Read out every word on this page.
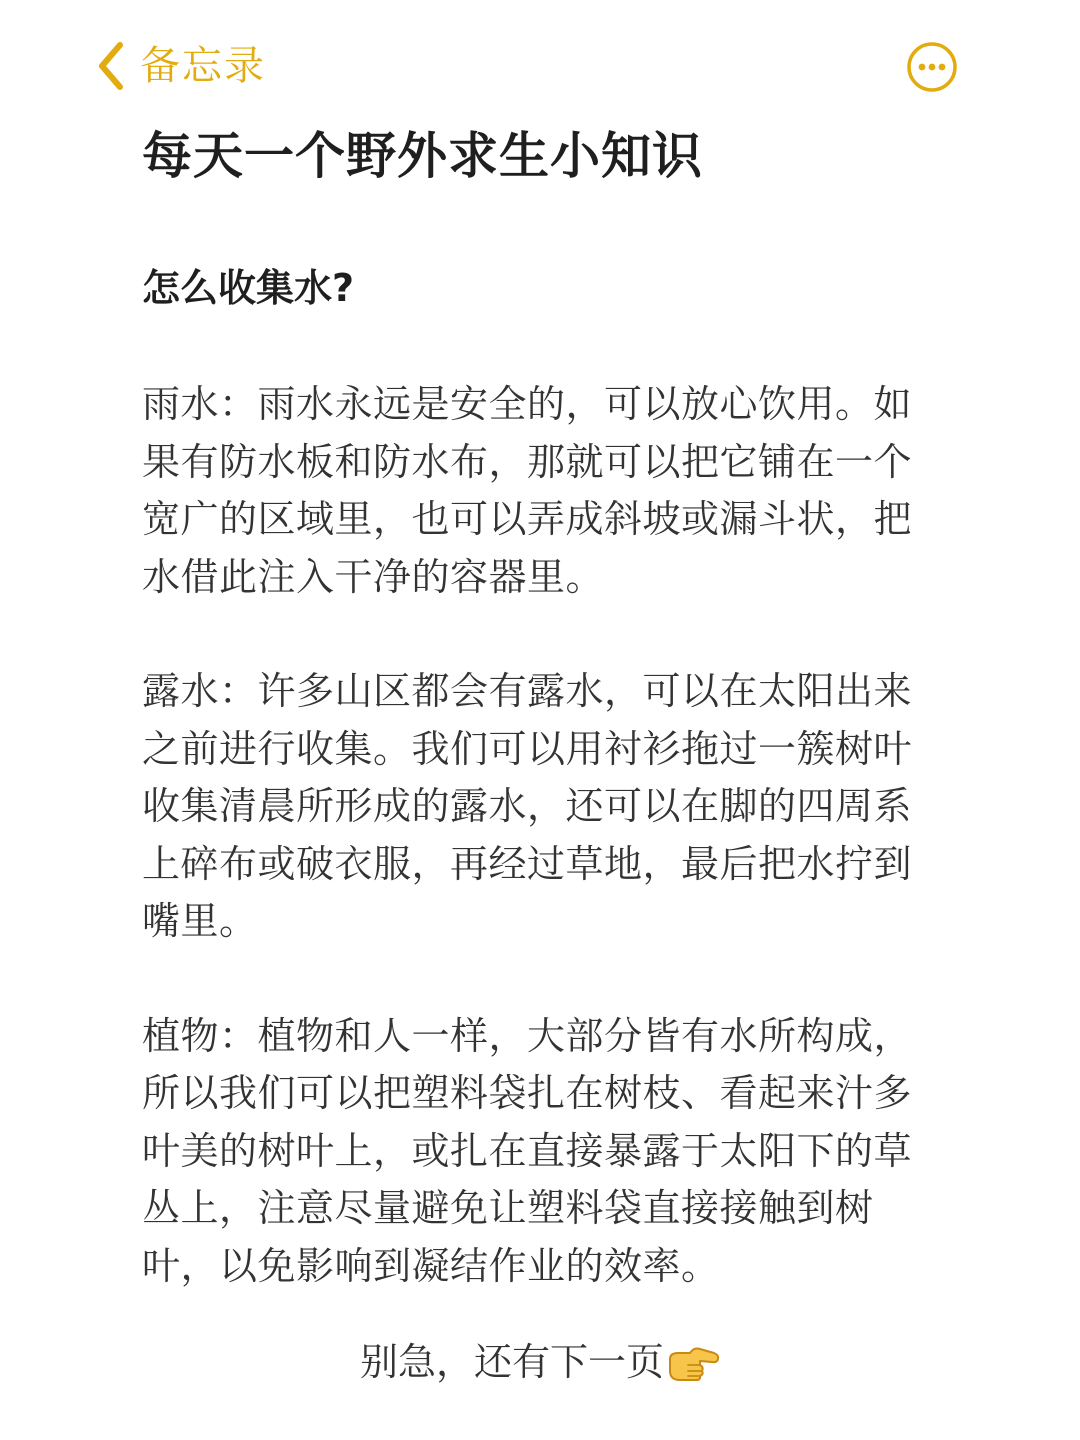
备忘录
每天一个野外求生小知识
怎么收集水?
雨水：雨水永远是安全的，可以放心饮用。如果有防水板和防水布，那就可以把它铺在一个宽广的区域里，也可以弄成斜坡或漏斗状，把水借此注入干净的容器里。
露水：许多山区都会有露水，可以在太阳出来之前进行收集。我们可以用衬衫拖过一簇树叶收集清晨所形成的露水，还可以在脚的四周系上碎布或破衣服，再经过草地，最后把水拧到嘴里。
植物：植物和人一样，大部分皆有水所构成，所以我们可以把塑料袋扎在树枝、看起来汁多叶美的树叶上，或扎在直接暴露于太阳下的草丛上，注意尽量避免让塑料袋直接接触到树叶，以免影响到凝结作业的效率。
别急，还有下一页
